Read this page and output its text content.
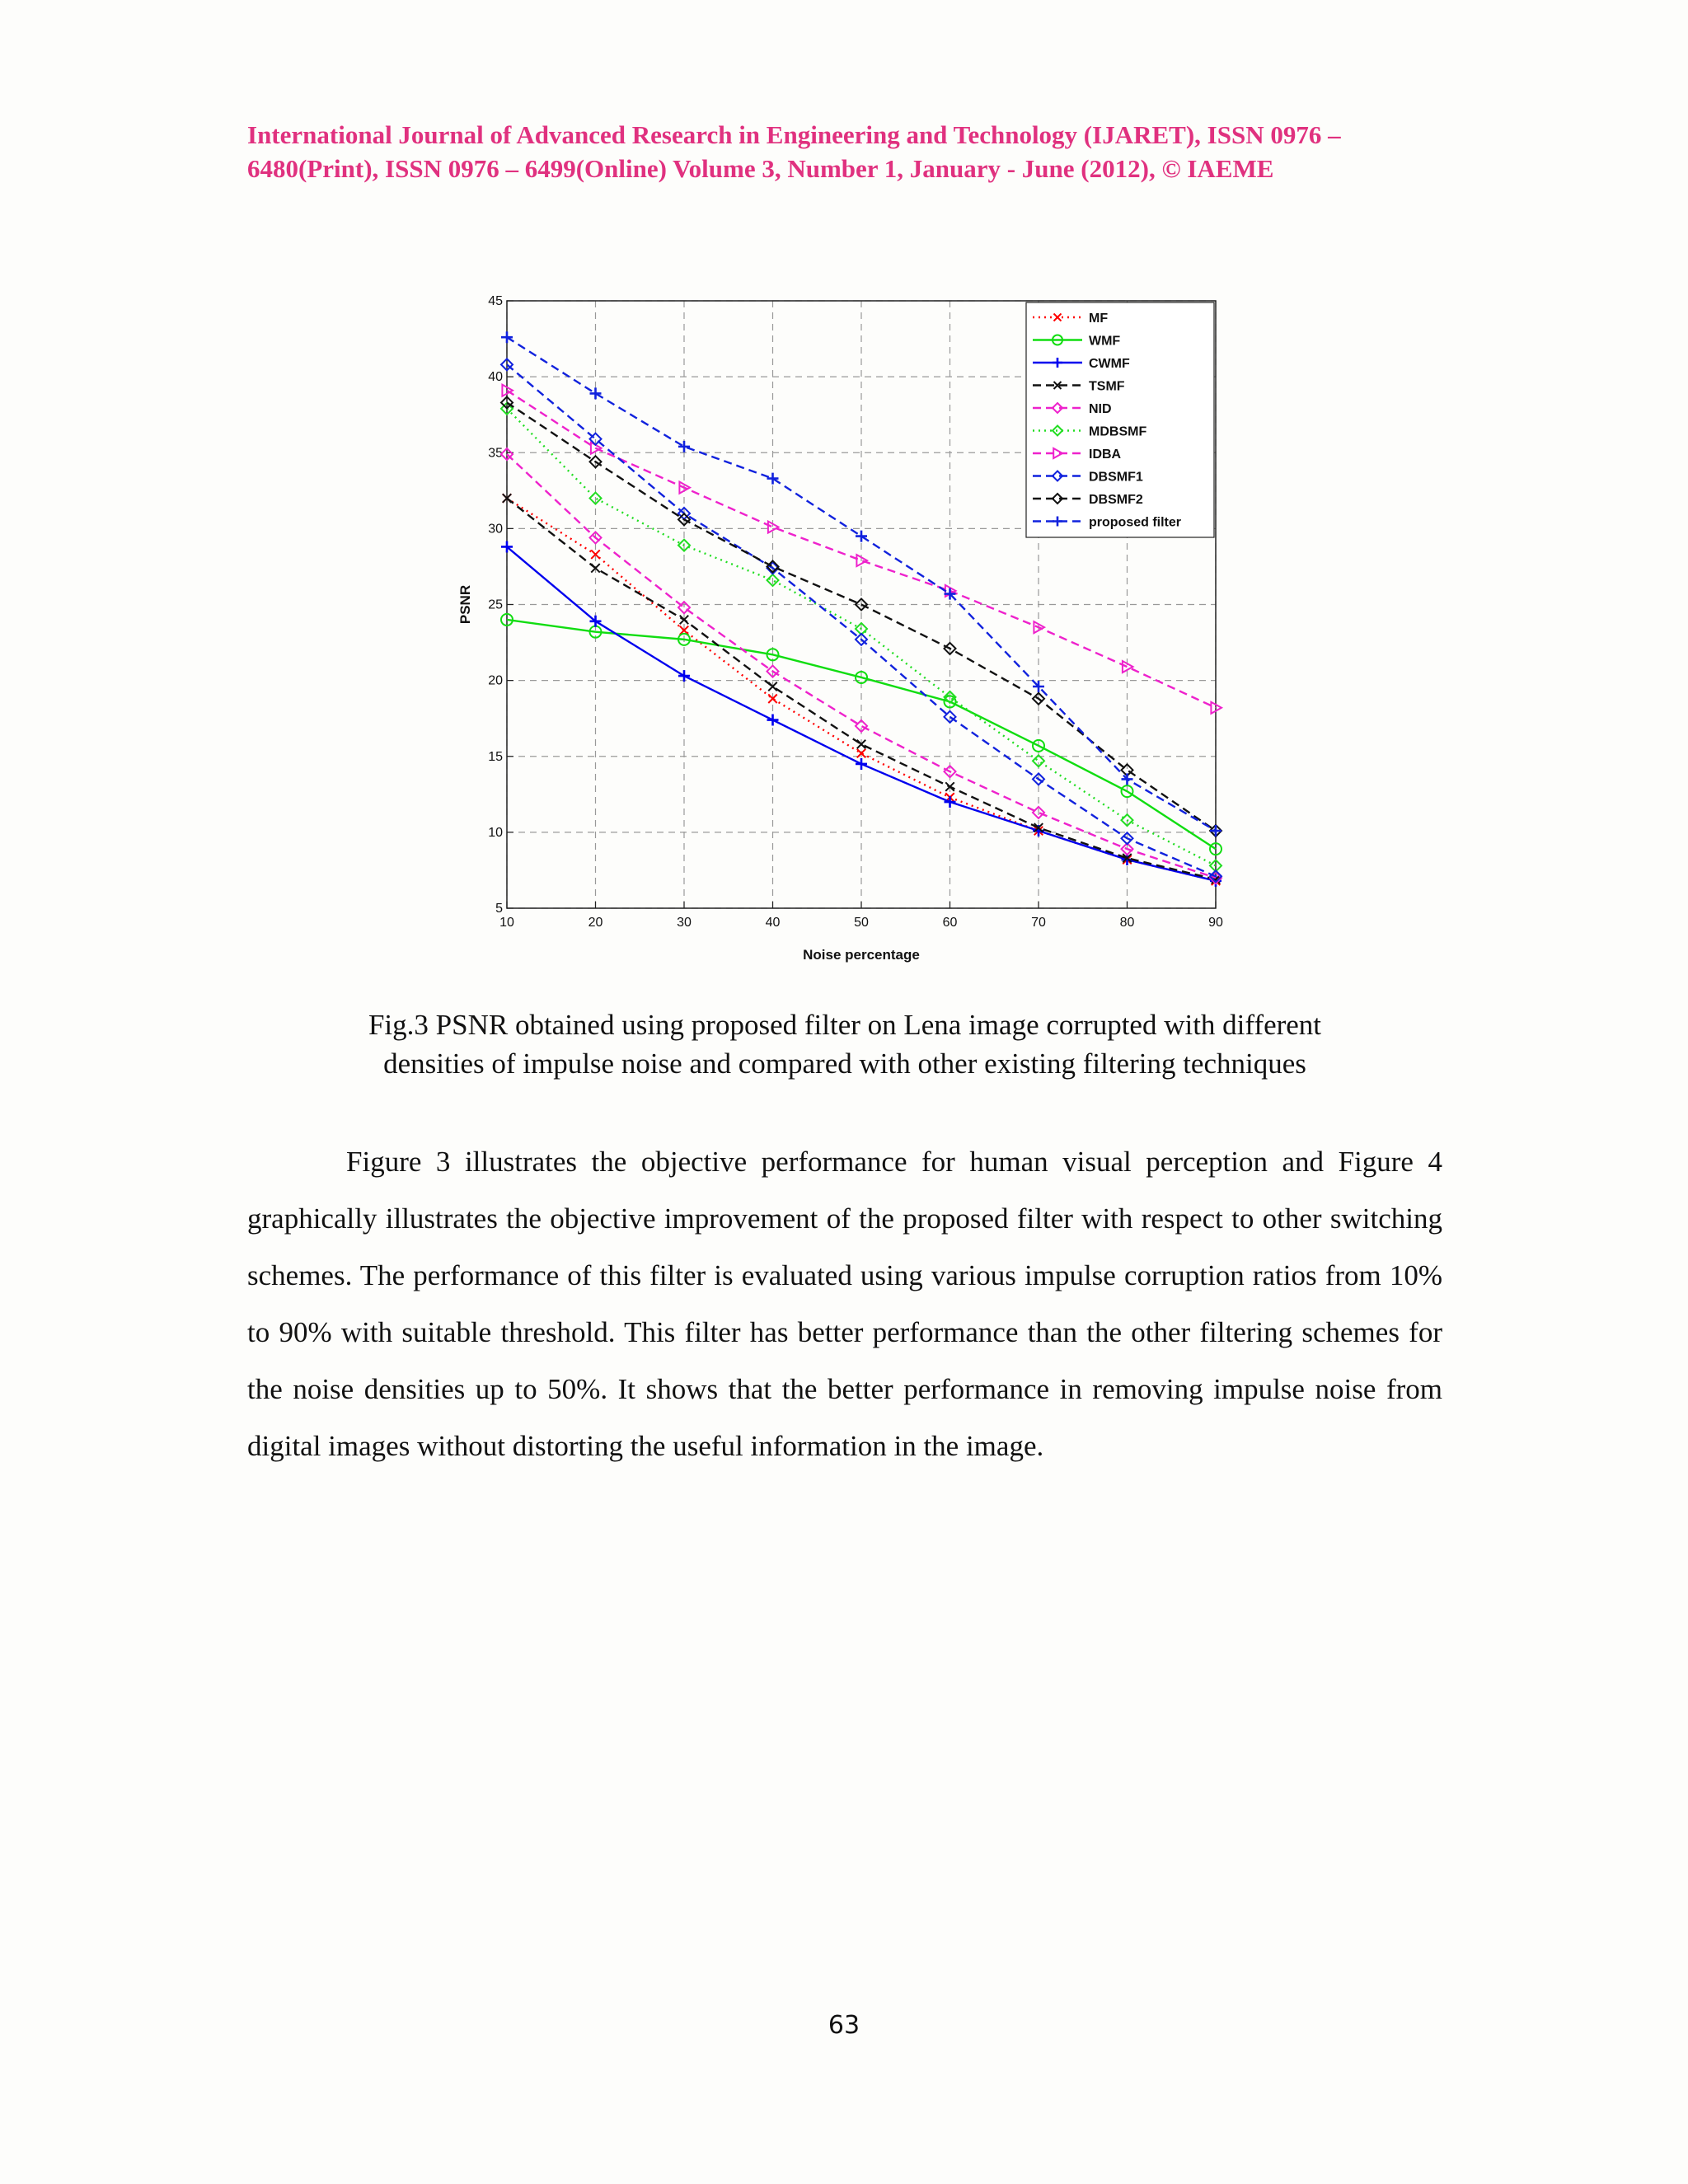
International Journal of Advanced Research in Engineering and Technology (IJARET), ISSN 0976 –
6480(Print), ISSN 0976 – 6499(Online) Volume 3, Number 1, January - June (2012), © IAEME
10	20	30	40	50	60	70	80	90
5
10
15
20
25
30
35
40
45
MF
WMF
CWMF
TSMF
NID
MDBSMF
IDBA
DBSMF1
DBSMF2
proposed filter
Noise percentage
PSNR
Fig.3 PSNR obtained using proposed filter on Lena image corrupted with different
densities of impulse noise and compared with other existing filtering techniques

Figure 3 illustrates the objective performance for human visual perception and Figure 4 graphically illustrates the objective improvement of the proposed filter with respect to other switching schemes. The performance of this filter is evaluated using various impulse corruption ratios from 10% to 90% with suitable threshold. This filter has better performance than the other filtering schemes for the noise densities up to 50%. It shows that the better performance in removing impulse noise from digital images without distorting the useful information in the image.

63
